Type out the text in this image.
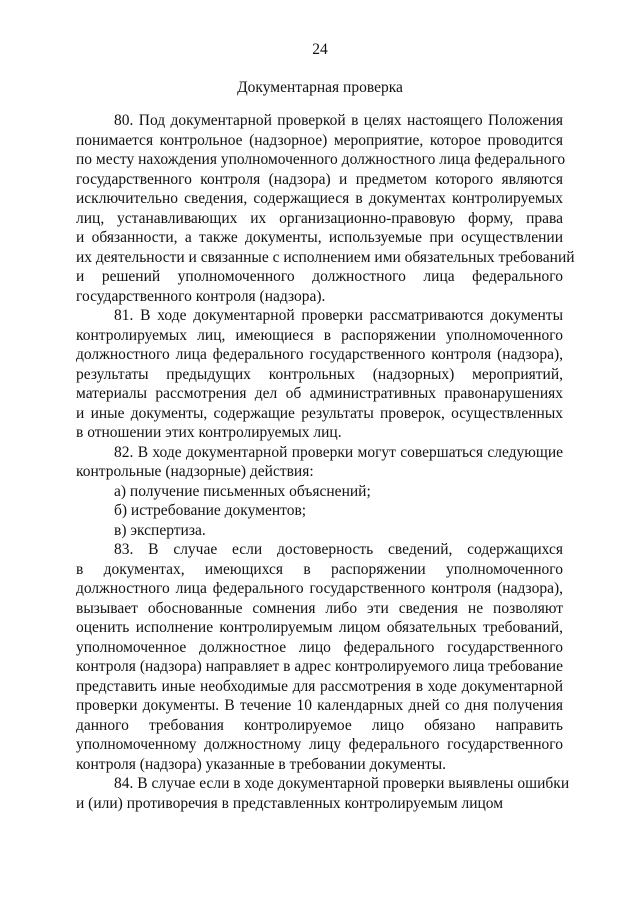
24
Документарная проверка
80. Под документарной проверкой в целях настоящего Положения
понимается контрольное (надзорное) мероприятие, которое проводится
по месту нахождения уполномоченного должностного лица федерального
государственного контроля (надзора) и предметом которого являются
исключительно сведения, содержащиеся в документах контролируемых
лиц, устанавливающих их организационно-правовую форму, права
и обязанности, а также документы, используемые при осуществлении
их деятельности и связанные с исполнением ими обязательных требований
и решений уполномоченного должностного лица федерального
государственного контроля (надзора).
81. В ходе документарной проверки рассматриваются документы
контролируемых лиц, имеющиеся в распоряжении уполномоченного
должностного лица федерального государственного контроля (надзора),
результаты предыдущих контрольных (надзорных) мероприятий,
материалы рассмотрения дел об административных правонарушениях
и иные документы, содержащие результаты проверок, осуществленных
в отношении этих контролируемых лиц.
82. В ходе документарной проверки могут совершаться следующие
контрольные (надзорные) действия:
а) получение письменных объяснений;
б) истребование документов;
в) экспертиза.
83. В случае если достоверность сведений, содержащихся
в документах, имеющихся в распоряжении уполномоченного
должностного лица федерального государственного контроля (надзора),
вызывает обоснованные сомнения либо эти сведения не позволяют
оценить исполнение контролируемым лицом обязательных требований,
уполномоченное должностное лицо федерального государственного
контроля (надзора) направляет в адрес контролируемого лица требование
представить иные необходимые для рассмотрения в ходе документарной
проверки документы. В течение 10 календарных дней со дня получения
данного требования контролируемое лицо обязано направить
уполномоченному должностному лицу федерального государственного
контроля (надзора) указанные в требовании документы.
84. В случае если в ходе документарной проверки выявлены ошибки
и (или) противоречия в представленных контролируемым лицом
